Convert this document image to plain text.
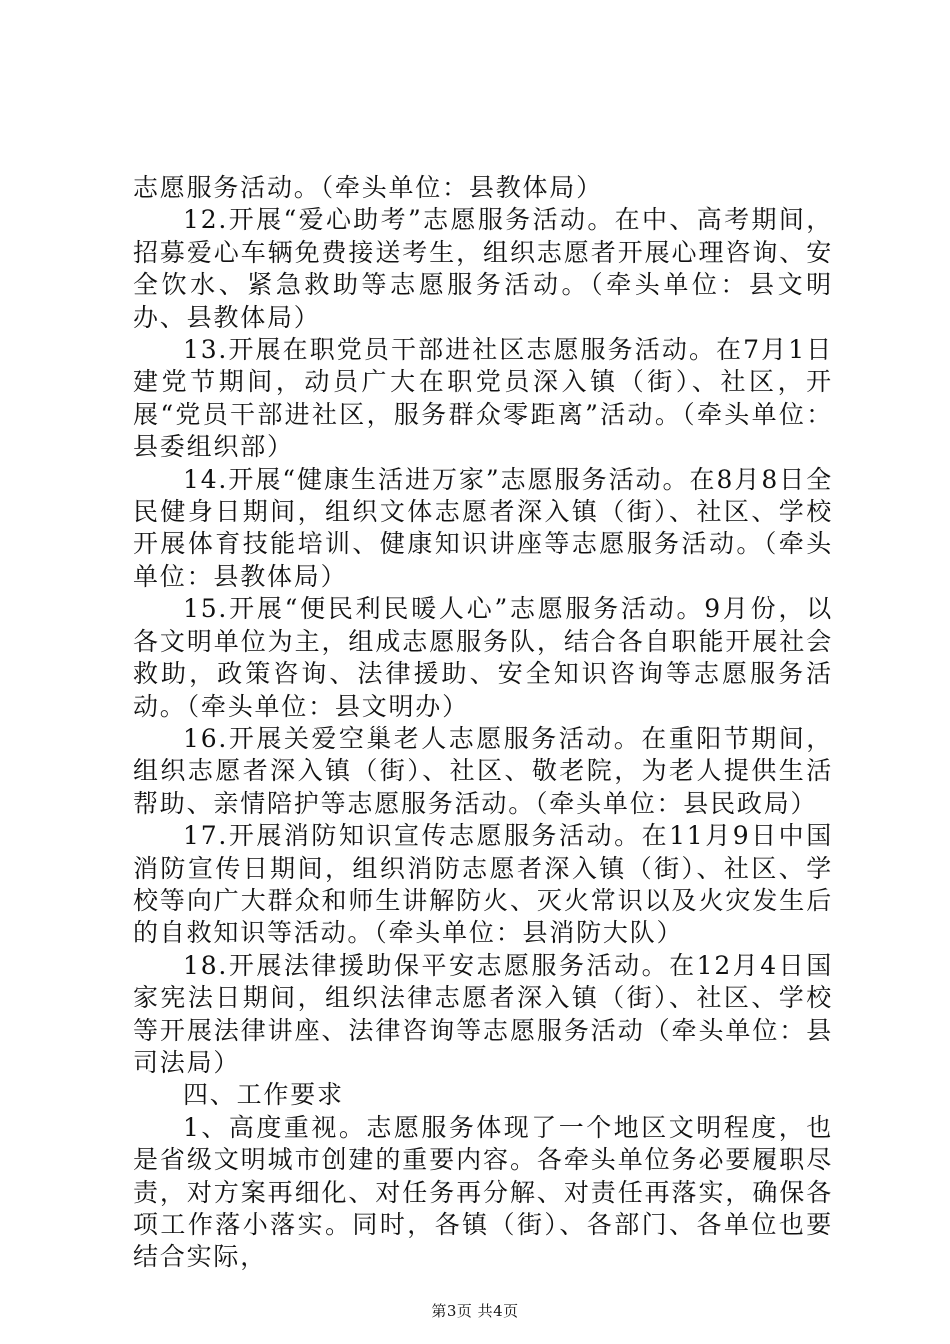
志愿服务活动。（牵头单位：县教体局）

12.开展“爱心助考”志愿服务活动。在中、高考期间，招募爱心车辆免费接送考生，组织志愿者开展心理咨询、安全饮水、紧急救助等志愿服务活动。（牵头单位：县文明办、县教体局）

13.开展在职党员干部进社区志愿服务活动。在7月1日建党节期间，动员广大在职党员深入镇（街）、社区，开展“党员干部进社区，服务群众零距离”活动。（牵头单位：县委组织部）

14.开展“健康生活进万家”志愿服务活动。在8月8日全民健身日期间，组织文体志愿者深入镇（街）、社区、学校开展体育技能培训、健康知识讲座等志愿服务活动。（牵头单位：县教体局）

15.开展“便民利民暖人心”志愿服务活动。9月份，以各文明单位为主，组成志愿服务队，结合各自职能开展社会救助，政策咨询、法律援助、安全知识咨询等志愿服务活动。（牵头单位：县文明办）

16.开展关爱空巢老人志愿服务活动。在重阳节期间，组织志愿者深入镇（街）、社区、敬老院，为老人提供生活帮助、亲情陪护等志愿服务活动。（牵头单位：县民政局）

17.开展消防知识宣传志愿服务活动。在11月9日中国消防宣传日期间，组织消防志愿者深入镇（街）、社区、学校等向广大群众和师生讲解防火、灭火常识以及火灾发生后的自救知识等活动。（牵头单位：县消防大队）

18.开展法律援助保平安志愿服务活动。在12月4日国家宪法日期间，组织法律志愿者深入镇（街）、社区、学校等开展法律讲座、法律咨询等志愿服务活动（牵头单位：县司法局）

四、工作要求

1、高度重视。志愿服务体现了一个地区文明程度，也是省级文明城市创建的重要内容。各牵头单位务必要履职尽责，对方案再细化、对任务再分解、对责任再落实，确保各项工作落小落实。同时，各镇（街）、各部门、各单位也要结合实际，

第3页 共4页
